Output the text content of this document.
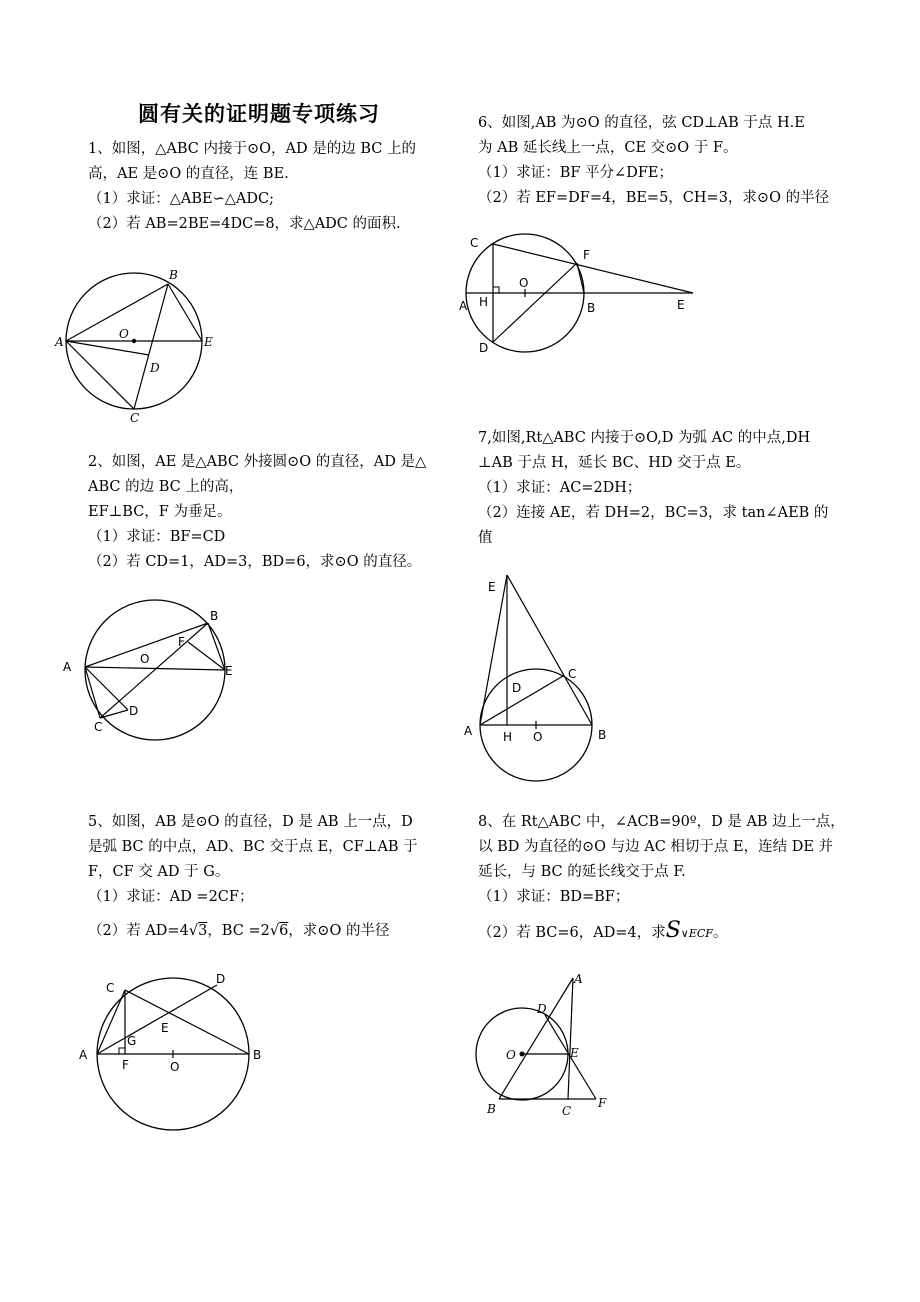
圆有关的证明题专项练习
1、如图，△ABC 内接于⊙O，AD 是的边 BC 上的
高，AE 是⊙O 的直径，连 BE.
（1）求证：△ABE∽△ADC;
（2）若 AB=2BE=4DC=8，求△ADC 的面积.
A
B
C
D
E
O
2、如图，AE 是△ABC 外接圆⊙O 的直径，AD 是△
ABC 的边 BC 上的高，
EF⊥BC，F 为垂足。
（1）求证：BF=CD
（2）若 CD=1，AD=3，BD=6，求⊙O 的直径。
A
B
C
D
E
F
O
5、如图，AB 是⊙O 的直径，D 是 AB 上一点，D
是弧 BC 的中点，AD、BC 交于点 E，CF⊥AB 于
F，CF 交 AD 于 G。
（1）求证：AD =2CF；
（2）若 AD=4√3，BC =2√6，求⊙O 的半径
A	B
C
D
E
F
G
O
6、如图,AB 为⊙O 的直径，弦 CD⊥AB 于点 H.E
为 AB 延长线上一点，CE 交⊙O 于 F。
（1）求证：BF 平分∠DFE；
（2）若 EF=DF=4，BE=5，CH=3，求⊙O 的半径
A	B
C
D
E
F
H
O
7,如图,Rt△ABC 内接于⊙O,D 为弧 AC 的中点,DH
⊥AB 于点 H，延长 BC、HD 交于点 E。
（1）求证：AC=2DH；
（2）连接 AE，若 DH=2，BC=3，求 tan∠AEB 的
值
A	B
C
D
E
H O
8、在 Rt△ABC 中，∠ACB=90º，D 是 AB 边上一点，
以 BD 为直径的⊙O 与边 AC 相切于点 E，连结 DE 并
延长，与 BC 的延长线交于点 F.
（1）求证：BD=BF；
（2）若 BC=6，AD=4，求S∨ECF。
A
B	C
D
E
F
O
